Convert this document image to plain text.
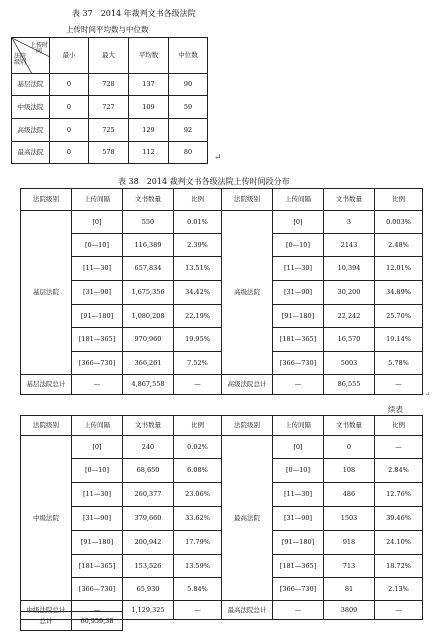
表 37　2014 年裁判文书各级法院
上传时间平均数与中位数
上传时间
法院级别	最小	最大	平均数	中位数
基层法院	0	728	137	90
中级法院	0	727	109	59
高级法院	0	725	129	92
最高法院	0	578	112	80
↵
表 38　2014 裁判文书各级法院上传时间段分布
法院级别	上传间隔	文书数量	比例	法院级别	上传间隔	文书数量	比例
基层法院	[0]	550	0.01%	高级法院	[0]	3	0.003%
	[0—10]	116,389	2.39%		[0—10]	2143	2.48%
	[11—30]	657,834	13.51%		[11—30]	10,394	12.01%
	[31—90]	1,675,356	34.42%		[31—90]	30,200	34.89%
	[91—180]	1,080,208	22.19%		[91—180]	22,242	25.70%
	[181—365]	970,960	19.95%		[181—365]	16,570	19.14%
	[366—730]	366,261	7.52%		[366—730]	5003	5.78%
基层法院总计	—	4,867,558	—	高级法院总计	—	86,555	—
续表
↵
法院级别	上传间隔	文书数量	比例	法院级别	上传间隔	文书数量	比例
中级法院	[0]	240	0.02%	最高法院	[0]	0	—
	[0—10]	68,650	6.08%		[0—10]	108	2.84%
	[11—30]	260,377	23.06%		[11—30]	486	12.76%
	[31—90]	379,660	33.62%		[31—90]	1503	39.46%
	[91—180]	200,942	17.79%		[91—180]	918	24.10%
	[181—365]	153,526	13.59%		[181—365]	713	18.72%
	[366—730]	65,930	5.84%		[366—730]	81	2.13%
中级法院总计	—	1,129,325	—	最高法院总计	—	3809	—
总计	60,959,38
